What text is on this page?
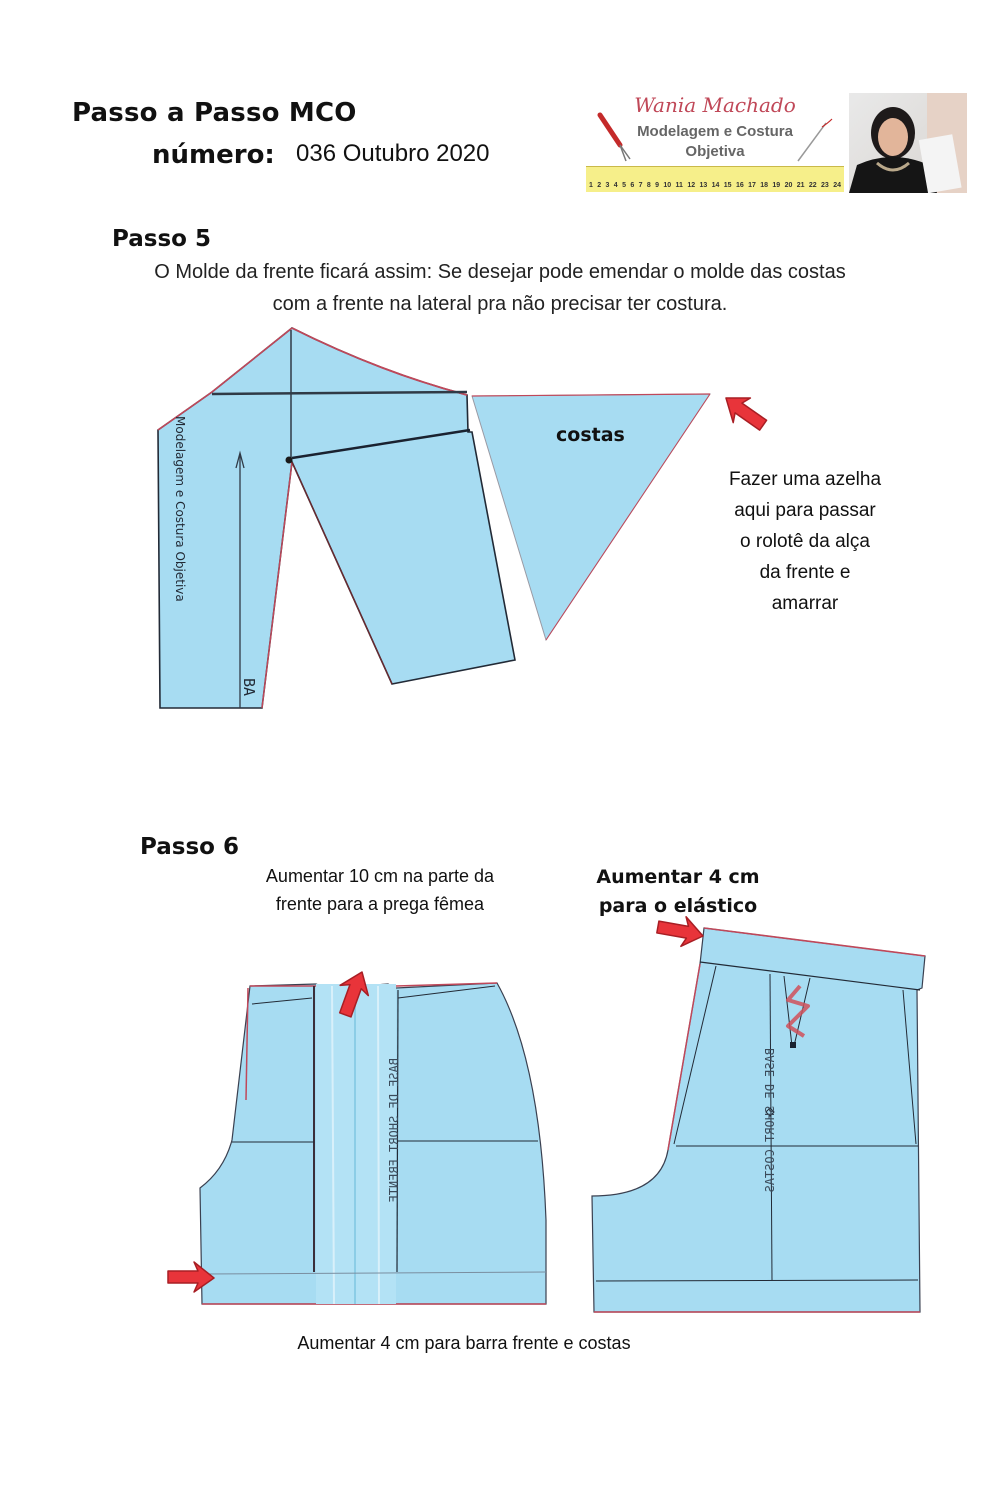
Passo a Passo MCO
número: 036 Outubro 2020
Wania Machado
Modelagem e Costura
Objetiva
1 2 3 4 5 6 7 8 9 10 11 12 13 14 15 16 17 18 19 20 21 22 23 24
Passo 5
O Molde da frente ficará assim: Se desejar pode emendar o molde das costas
com a frente na lateral pra não precisar ter costura.
Modelagem e Costura Objetiva
BA
BASE DE SHORT FRENTE	BASE DE SHORT COSTAS
costas
Fazer uma azelha
aqui para passar
o rolotê da alça
da frente e
amarrar
Passo 6
Aumentar 10 cm na parte da
frente para a prega fêmea
Aumentar 4 cm
para o elástico
Aumentar 4 cm para barra frente e costas
